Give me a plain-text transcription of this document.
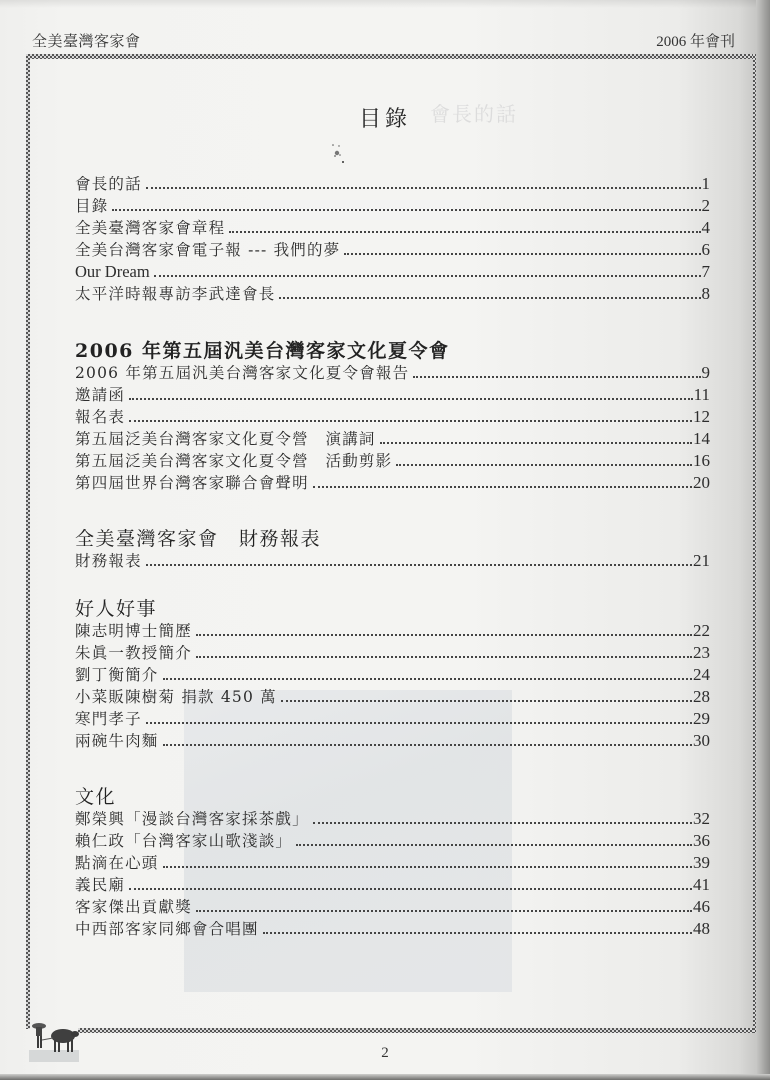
會長的話
全美臺灣客家會	2006 年會刊
目錄
會長的話	1
目錄	2
全美臺灣客家會章程	4
全美台灣客家會電子報 --- 我們的夢	6
Our Dream	7
太平洋時報專訪李武達會長	8
2006 年第五屆汎美台灣客家文化夏令會
2006 年第五屆汎美台灣客家文化夏令會報告	9
邀請函	11
報名表	12
第五屆泛美台灣客家文化夏令營　演講詞	14
第五屆泛美台灣客家文化夏令營　活動剪影	16
第四屆世界台灣客家聯合會聲明	20
全美臺灣客家會　財務報表
財務報表	21
好人好事
陳志明博士簡歷	22
朱眞一教授簡介	23
劉丁衡簡介	24
小菜販陳樹菊 捐款 450 萬	28
寒門孝子	29
兩碗牛肉麵	30
文化
鄭榮興「漫談台灣客家採茶戲」	32
賴仁政「台灣客家山歌淺談」	36
點滴在心頭	39
義民廟	41
客家傑出貢獻獎	46
中西部客家同鄉會合唱團	48
2
